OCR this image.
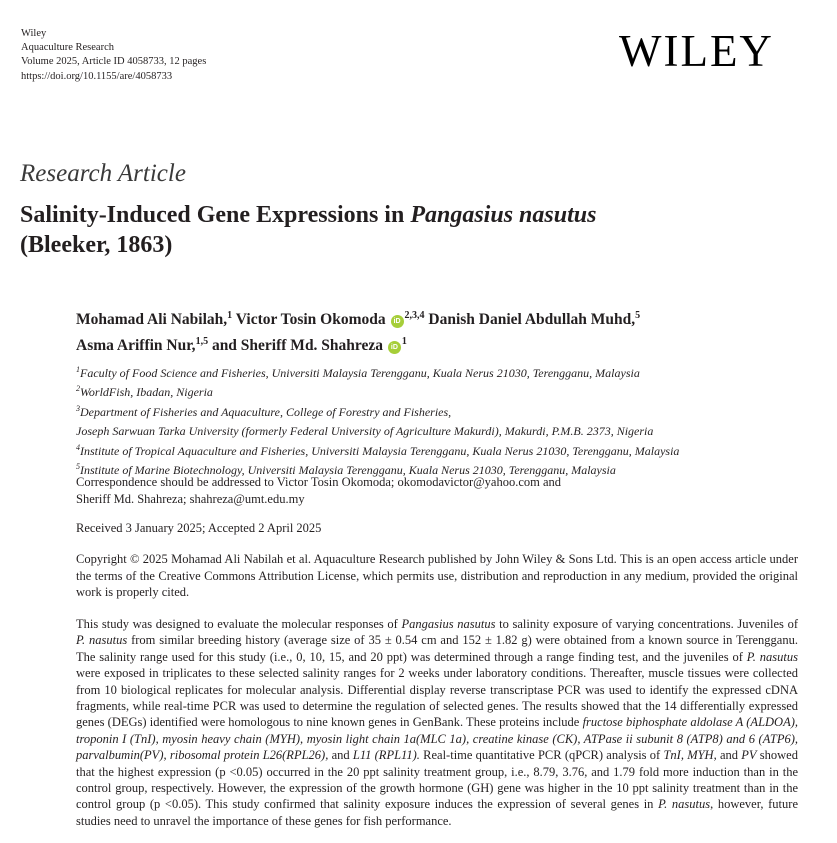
Wiley
Aquaculture Research
Volume 2025, Article ID 4058733, 12 pages
https://doi.org/10.1155/are/4058733
WILEY
Research Article
Salinity-Induced Gene Expressions in Pangasius nasutus
(Bleeker, 1863)
Mohamad Ali Nabilah,$^1$ Victor Tosin Okomoda iD$^{2,3,4}$ Danish Daniel Abdullah Muhd,$^5$
Asma Ariffin Nur,$^{1,5}$ and Sheriff Md. Shahreza $iD^1$
$^1$Faculty of Food Science and Fisheries, Universiti Malaysia Terengganu, Kuala Nerus 21030, Terengganu, Malaysia
$^2$WorldFish, Ibadan, Nigeria
$^3$Department of Fisheries and Aquaculture, College of Forestry and Fisheries,
Joseph Sarwuan Tarka University (formerly Federal University of Agriculture Makurdi), Makurdi, P.M.B. 2373, Nigeria
$^4$Institute of Tropical Aquaculture and Fisheries, Universiti Malaysia Terengganu, Kuala Nerus 21030, Terengganu, Malaysia
$^5$Institute of Marine Biotechnology, Universiti Malaysia Terengganu, Kuala Nerus 21030, Terengganu, Malaysia
Correspondence should be addressed to Victor Tosin Okomoda; okomodavictor@yahoo.com and
Sheriff Md. Shahreza; shahreza@umt.edu.my
Received 3 January 2025; Accepted 2 April 2025
Copyright © 2025 Mohamad Ali Nabilah et al. Aquaculture Research published by John Wiley & Sons Ltd. This is an open access article under the terms of the Creative Commons Attribution License, which permits use, distribution and reproduction in any medium, provided the original work is properly cited.
This study was designed to evaluate the molecular responses of Pangasius nasutus to salinity exposure of varying concentrations. Juveniles of P. nasutus from similar breeding history (average size of 35 ± 0.54 cm and 152 ± 1.82 g) were obtained from a known source in Terengganu. The salinity range used for this study (i.e., 0, 10, 15, and 20 ppt) was determined through a range finding test, and the juveniles of P. nasutus were exposed in triplicates to these selected salinity ranges for 2 weeks under laboratory conditions. Thereafter, muscle tissues were collected from 10 biological replicates for molecular analysis. Differential display reverse transcriptase PCR was used to identify the expressed cDNA fragments, while real-time PCR was used to determine the regulation of selected genes. The results showed that the 14 differentially expressed genes (DEGs) identified were homologous to nine known genes in GenBank. These proteins include fructose biphosphate aldolase A (ALDOA), troponin I (TnI), myosin heavy chain (MYH), myosin light chain 1a(MLC 1a), creatine kinase (CK), ATPase ii subunit 8 (ATP8) and 6 (ATP6), parvalbumin(PV), ribosomal protein L26(RPL26), and L11 (RPL11). Real-time quantitative PCR (qPCR) analysis of TnI, MYH, and PV showed that the highest expression (p <0.05) occurred in the 20 ppt salinity treatment group, i.e., 8.79, 3.76, and 1.79 fold more induction than in the control group, respectively. However, the expression of the growth hormone (GH) gene was higher in the 10 ppt salinity treatment than in the control group (p <0.05). This study confirmed that salinity exposure induces the expression of several genes in P. nasutus, however, future studies need to unravel the importance of these genes for fish performance.
